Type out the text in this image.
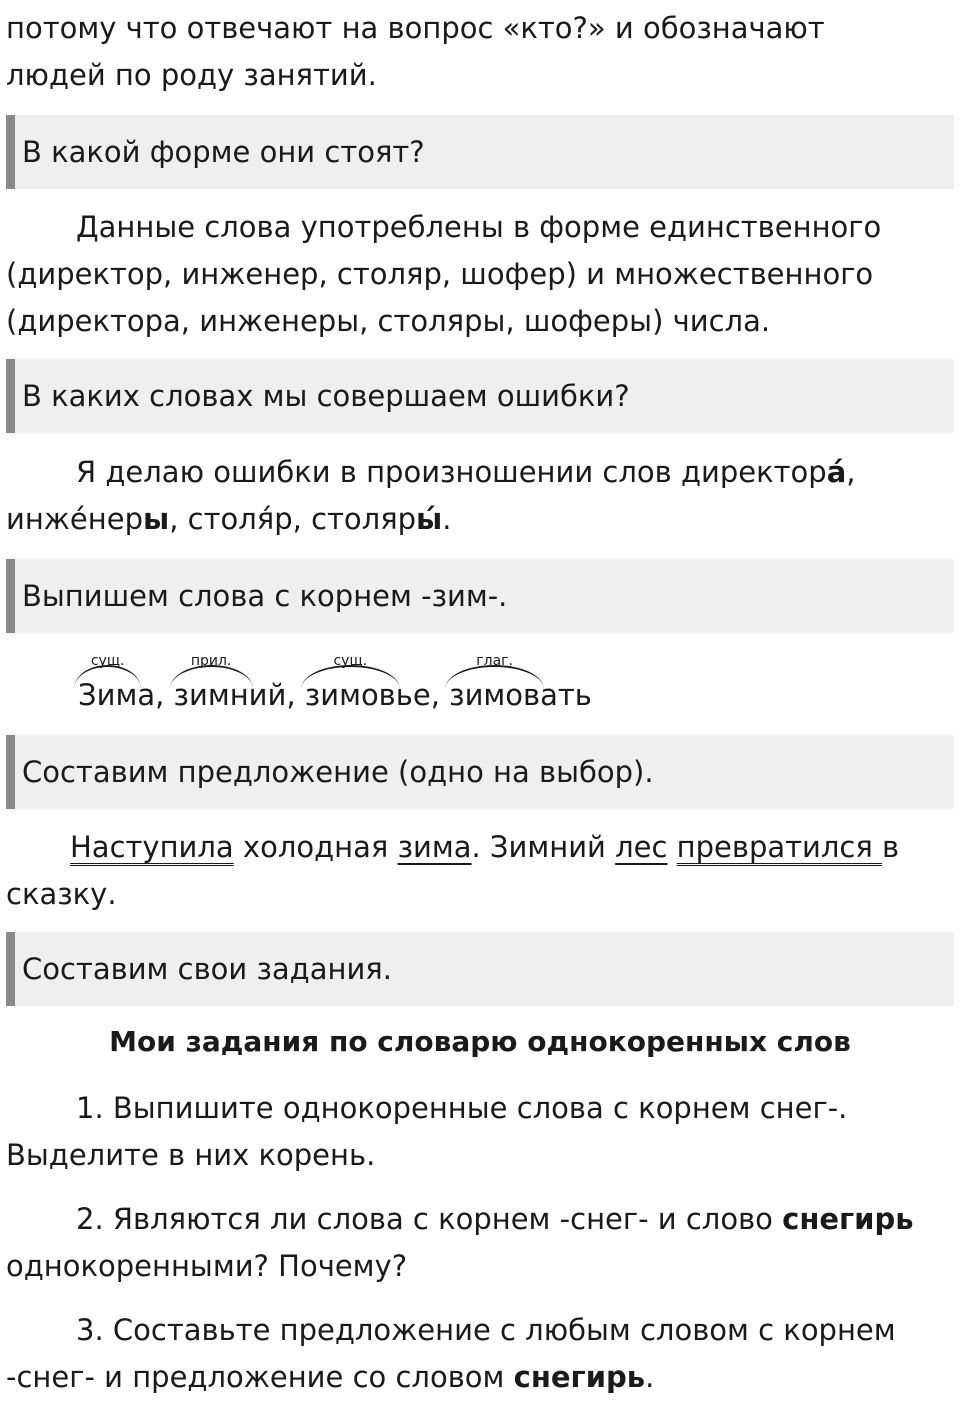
потому что отвечают на вопрос «кто?» и обозначают
людей по роду занятий.
В какой форме они стоят?
Данные слова употреблены в форме единственного
(директор, инженер, столяр, шофер) и множественного
(директора, инженеры, столяры, шоферы) числа.
В каких словах мы совершаем ошибки?
Я делаю ошибки в произношении слов директора́,
инже́неры, столя́р, столяры́.
Выпишем слова с корнем -зим-.
сущ.
Зима,
прил.
зимний,
сущ.
зимовье,
глаг.
зимовать
Составим предложение (одно на выбор).
Наступила холодная зима. Зимний лес превратился в
сказку.
Составим свои задания.
Мои задания по словарю однокоренных слов
1. Выпишите однокоренные слова с корнем снег-.
Выделите в них корень.
2. Являются ли слова с корнем -снег- и слово снегирь
однокоренными? Почему?
3. Составьте предложение с любым словом с корнем
-снег- и предложение со словом снегирь.
